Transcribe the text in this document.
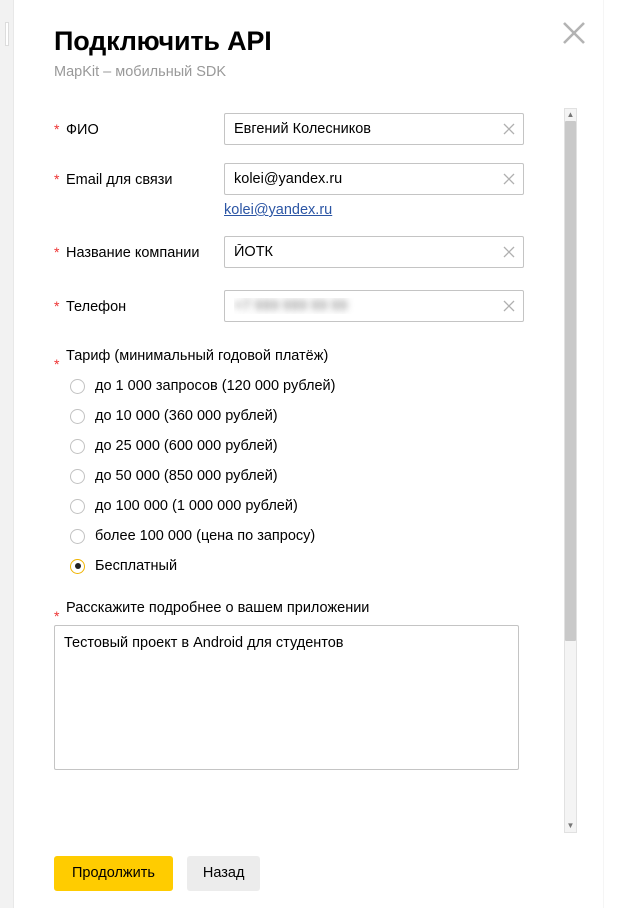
Подключить API

MapKit – мобильный SDK

* ФИО
Евгений Колесников
* Email для связи
kolei@yandex.ru
kolei@yandex.ru
* Название компании
ЙОТК
* Телефон
+7 999 999 99 99
* Тариф (минимальный годовой платёж)
до 1 000 запросов (120 000 рублей)
до 10 000 (360 000 рублей)
до 25 000 (600 000 рублей)
до 50 000 (850 000 рублей)
до 100 000 (1 000 000 рублей)
более 100 000 (цена по запросу)
Бесплатный
* Расскажите подробнее о вашем приложении
Тестовый проект в Android для студентов
▲
▼
Продолжить	Назад
